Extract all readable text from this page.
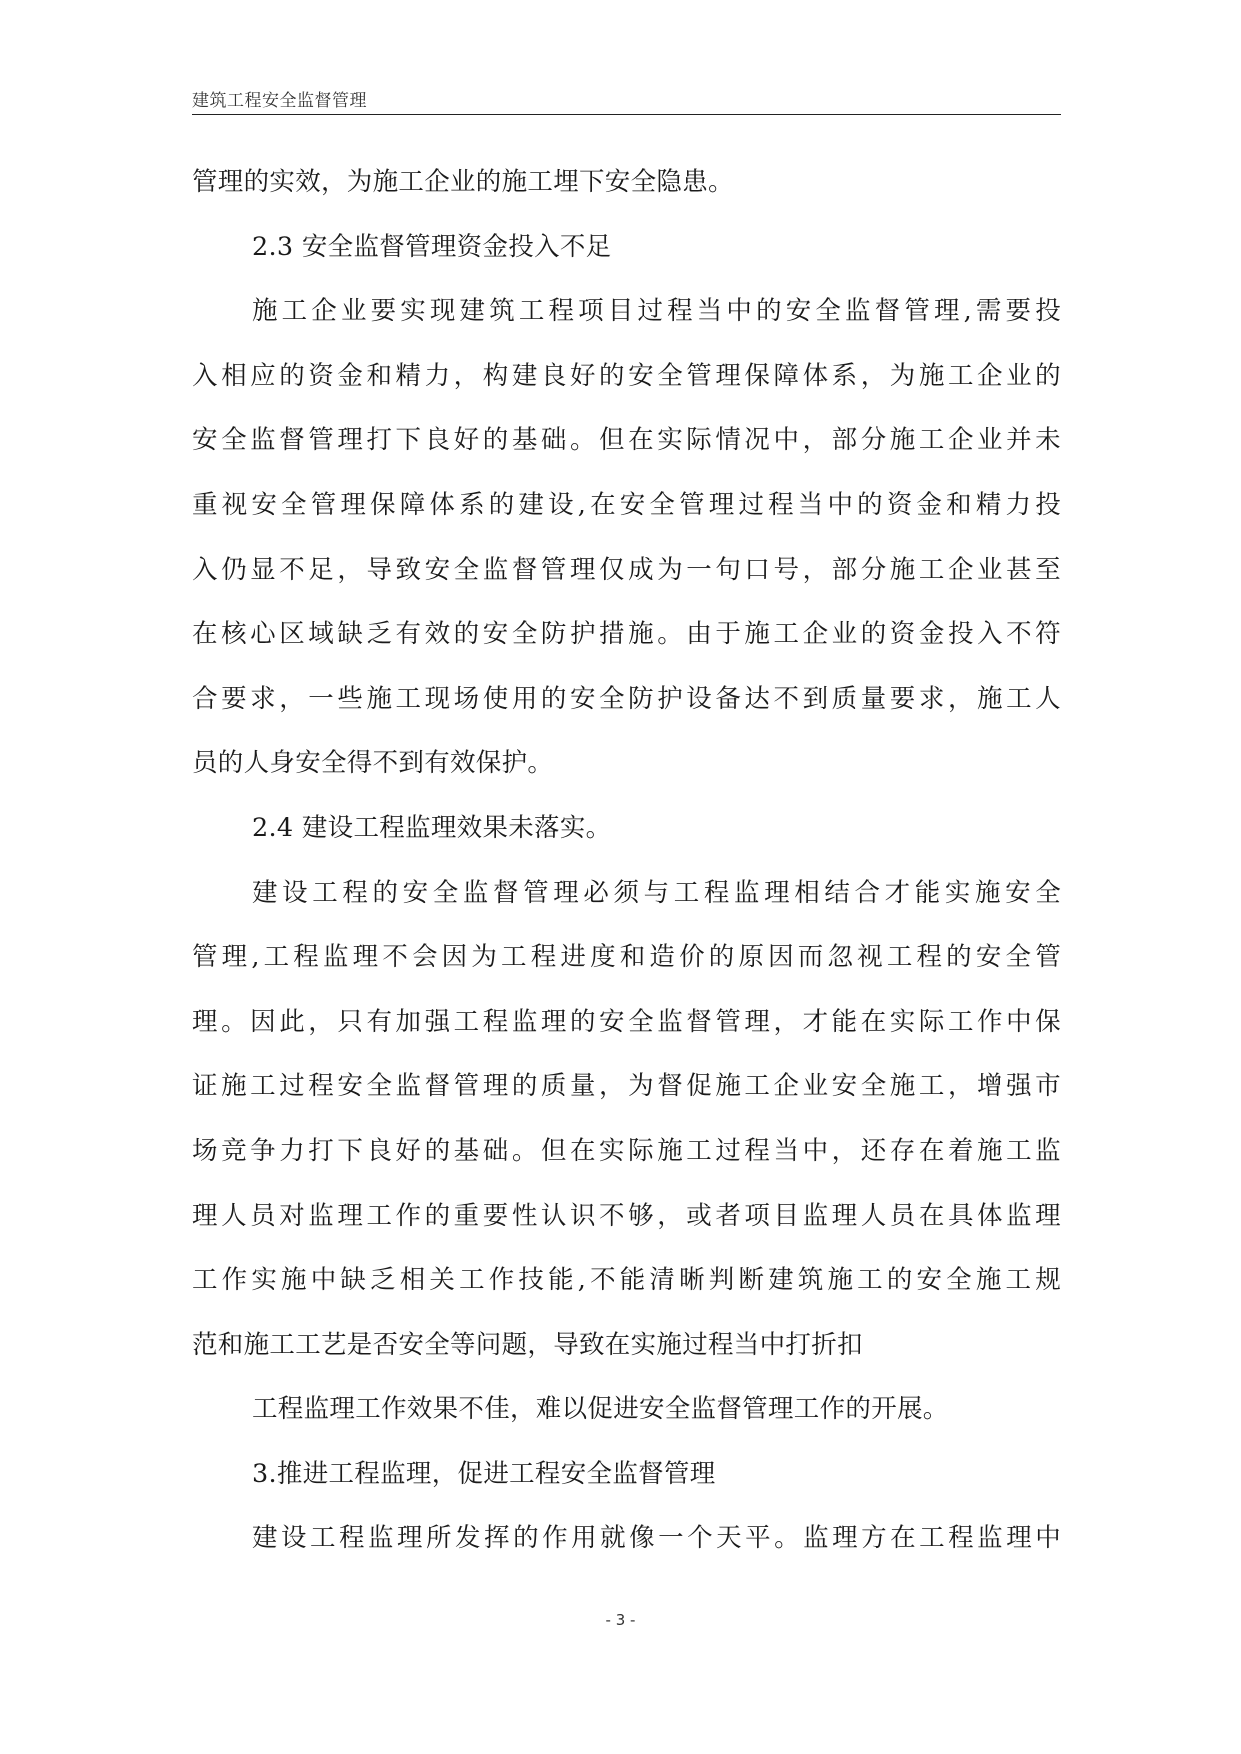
建筑工程安全监督管理
管理的实效，为施工企业的施工埋下安全隐患。
2.3 安全监督管理资金投入不足
施工企业要实现建筑工程项目过程当中的安全监督管理,需要投
入相应的资金和精力，构建良好的安全管理保障体系，为施工企业的
安全监督管理打下良好的基础。但在实际情况中，部分施工企业并未
重视安全管理保障体系的建设,在安全管理过程当中的资金和精力投
入仍显不足，导致安全监督管理仅成为一句口号，部分施工企业甚至
在核心区域缺乏有效的安全防护措施。由于施工企业的资金投入不符
合要求，一些施工现场使用的安全防护设备达不到质量要求，施工人
员的人身安全得不到有效保护。
2.4 建设工程监理效果未落实。
建设工程的安全监督管理必须与工程监理相结合才能实施安全
管理,工程监理不会因为工程进度和造价的原因而忽视工程的安全管
理。因此，只有加强工程监理的安全监督管理，才能在实际工作中保
证施工过程安全监督管理的质量，为督促施工企业安全施工，增强市
场竞争力打下良好的基础。但在实际施工过程当中，还存在着施工监
理人员对监理工作的重要性认识不够，或者项目监理人员在具体监理
工作实施中缺乏相关工作技能,不能清晰判断建筑施工的安全施工规
范和施工工艺是否安全等问题，导致在实施过程当中打折扣
工程监理工作效果不佳，难以促进安全监督管理工作的开展。
3.推进工程监理，促进工程安全监督管理
建设工程监理所发挥的作用就像一个天平。监理方在工程监理中
- 3 -
